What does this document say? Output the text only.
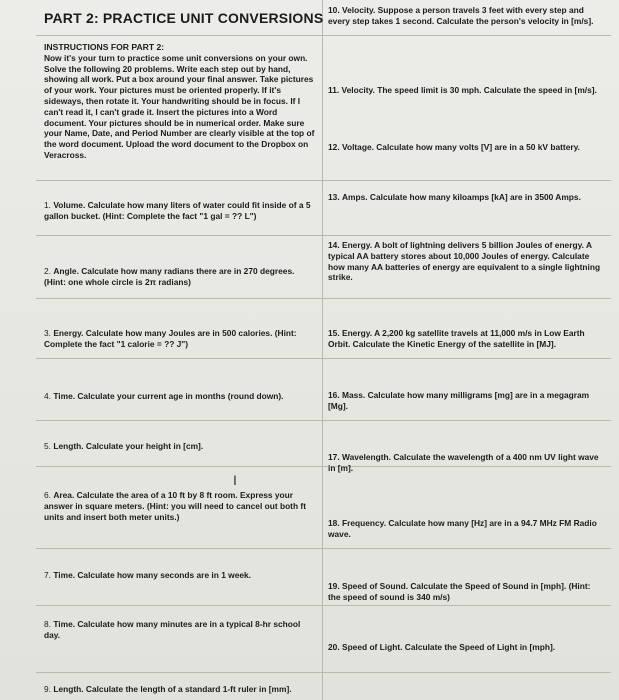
PART 2: PRACTICE UNIT CONVERSIONS
INSTRUCTIONS FOR PART 2:
Now it's your turn to practice some unit conversions on your own. Solve the following 20 problems. Write each step out by hand, showing all work. Put a box around your final answer. Take pictures of your work. Your pictures must be oriented properly. If it's sideways, then rotate it. Your handwriting should be in focus. If I can't read it, I can't grade it. Insert the pictures into a Word document. Your pictures should be in numerical order. Make sure your Name, Date, and Period Number are clearly visible at the top of the word document. Upload the word document to the Dropbox on Veracross.
1. Volume. Calculate how many liters of water could fit inside of a 5 gallon bucket. (Hint: Complete the fact "1 gal = ?? L")
2. Angle. Calculate how many radians there are in 270 degrees. (Hint: one whole circle is 2π radians)
3. Energy. Calculate how many Joules are in 500 calories. (Hint: Complete the fact "1 calorie = ?? J")
4. Time. Calculate your current age in months (round down).
5. Length. Calculate your height in [cm].
I
6. Area. Calculate the area of a 10 ft by 8 ft room. Express your answer in square meters. (Hint: you will need to cancel out both ft units and insert both meter units.)
7. Time. Calculate how many seconds are in 1 week.
8. Time. Calculate how many minutes are in a typical 8-hr school day.
9. Length. Calculate the length of a standard 1-ft ruler in [mm].
10. Velocity. Suppose a person travels 3 feet with every step and every step takes 1 second. Calculate the person's velocity in [m/s].
11. Velocity. The speed limit is 30 mph. Calculate the speed in [m/s].
12. Voltage. Calculate how many volts [V] are in a 50 kV battery.
13. Amps. Calculate how many kiloamps [kA] are in 3500 Amps.
14. Energy. A bolt of lightning delivers 5 billion Joules of energy. A typical AA battery stores about 10,000 Joules of energy. Calculate how many AA batteries of energy are equivalent to a single lightning strike.
15. Energy. A 2,200 kg satellite travels at 11,000 m/s in Low Earth Orbit. Calculate the Kinetic Energy of the satellite in [MJ].
16. Mass. Calculate how many milligrams [mg] are in a megagram [Mg].
17. Wavelength. Calculate the wavelength of a 400 nm UV light wave in [m].
18. Frequency. Calculate how many [Hz] are in a 94.7 MHz FM Radio wave.
19. Speed of Sound. Calculate the Speed of Sound in [mph]. (Hint: the speed of sound is 340 m/s)
20. Speed of Light. Calculate the Speed of Light in [mph].
